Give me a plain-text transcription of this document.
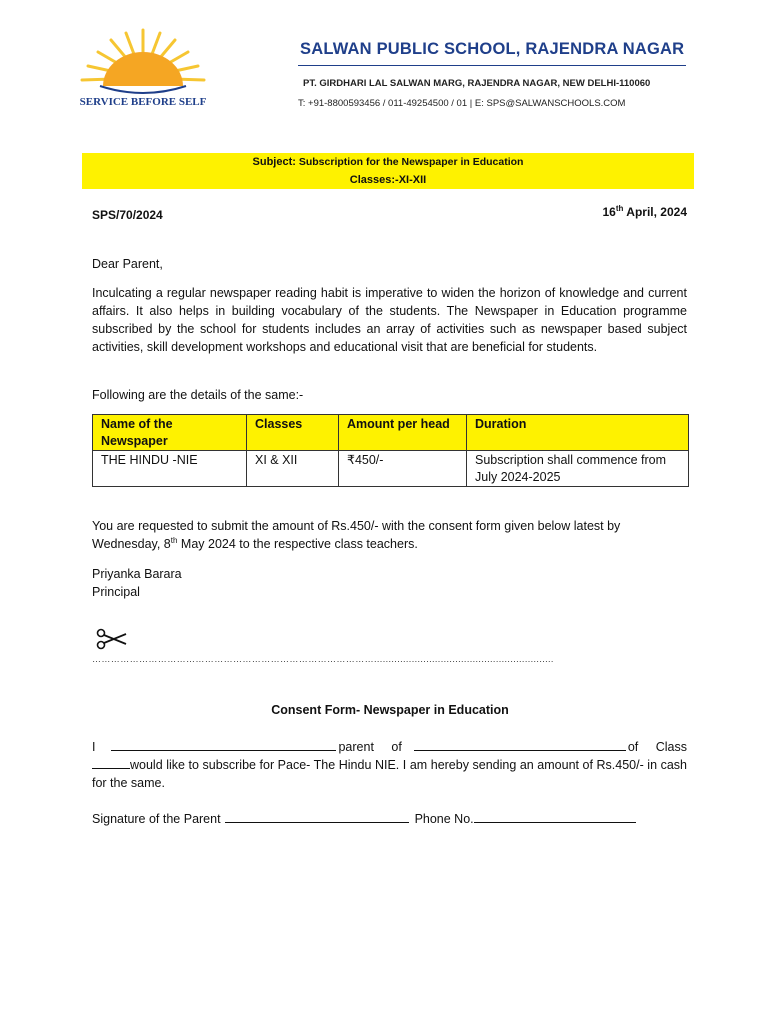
SERVICE BEFORE SELF
SALWAN PUBLIC SCHOOL, RAJENDRA NAGAR
PT. GIRDHARI LAL SALWAN MARG, RAJENDRA NAGAR, NEW DELHI-110060
T: +91-8800593456 / 011-49254500 / 01 | E: SPS@SALWANSCHOOLS.COM
Subject: Subscription for the Newspaper in Education
Classes:-XI-XII
SPS/70/2024	16th April, 2024
Dear Parent,
Inculcating a regular newspaper reading habit is imperative to widen the horizon of knowledge and current affairs. It also helps in building vocabulary of the students. The Newspaper in Education programme subscribed by the school for students includes an array of activities such as newspaper based subject activities, skill development workshops and educational visit that are beneficial for students.
Following are the details of the same:-
Name of the Newspaper	Classes	Amount per head	Duration
THE HINDU -NIE	XI & XII	₹450/-	Subscription shall commence from July 2024-2025
You are requested to submit the amount of Rs.450/- with the consent form given below latest by Wednesday, 8th May 2024 to the respective class teachers.
Priyanka Barara
Principal
………………………………………………………………………………..............................................................
Consent Form- Newspaper in Education
I	parent of	of Class
would like to subscribe for Pace- The Hindu NIE. I am hereby sending an amount of Rs.450/- in cash for the same.
Signature of the Parent	Phone No.
